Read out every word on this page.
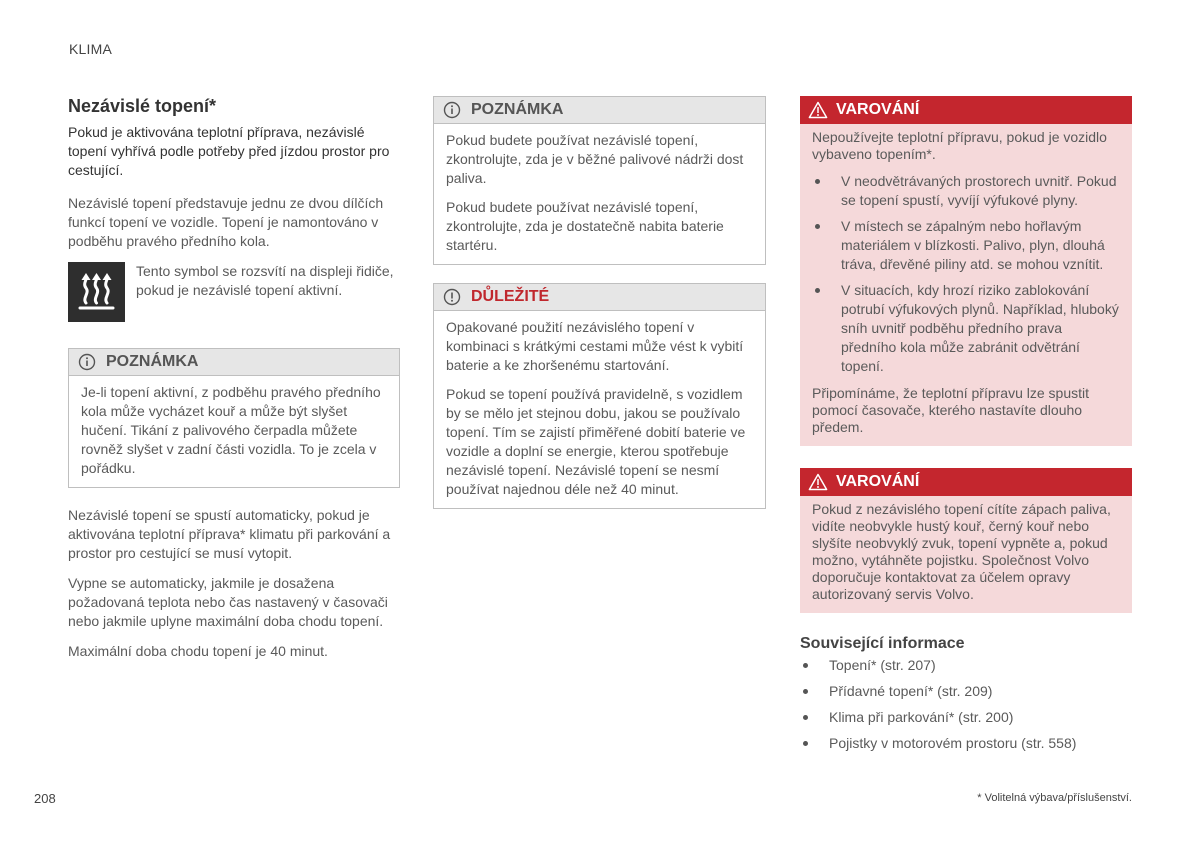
KLIMA
Nezávislé topení*

Pokud je aktivována teplotní příprava, nezávislé topení vyhřívá podle potřeby před jízdou prostor pro cestující.

Nezávislé topení představuje jednu ze dvou dílčích funkcí topení ve vozidle. Topení je namontováno v podběhu pravého předního kola.

Tento symbol se rozsvítí na displeji řidiče, pokud je nezávislé topení aktivní.

POZNÁMKA

Je-li topení aktivní, z podběhu pravého předního kola může vycházet kouř a může být slyšet hučení. Tikání z palivového čerpadla můžete rovněž slyšet v zadní části vozidla. To je zcela v pořádku.

Nezávislé topení se spustí automaticky, pokud je aktivována teplotní příprava* klimatu při parkování a prostor pro cestující se musí vytopit.

Vypne se automaticky, jakmile je dosažena požadovaná teplota nebo čas nastavený v časovači nebo jakmile uplyne maximální doba chodu topení.

Maximální doba chodu topení je 40 minut.

POZNÁMKA

Pokud budete používat nezávislé topení, zkontrolujte, zda je v běžné palivové nádrži dost paliva.

Pokud budete používat nezávislé topení, zkontrolujte, zda je dostatečně nabita baterie startéru.

DŮLEŽITÉ

Opakované použití nezávislého topení v kombinaci s krátkými cestami může vést k vybití baterie a ke zhoršenému startování.

Pokud se topení používá pravidelně, s vozidlem by se mělo jet stejnou dobu, jakou se používalo topení. Tím se zajistí přiměřené dobití baterie ve vozidle a doplní se energie, kterou spotřebuje nezávislé topení. Nezávislé topení se nesmí používat najednou déle než 40 minut.

VAROVÁNÍ

Nepoužívejte teplotní přípravu, pokud je vozidlo vybaveno topením*.

V neodvětrávaných prostorech uvnitř. Pokud se topení spustí, vyvíjí výfukové plyny.
V místech se zápalným nebo hořlavým materiálem v blízkosti. Palivo, plyn, dlouhá tráva, dřevěné piliny atd. se mohou vznítit.
V situacích, kdy hrozí riziko zablokování potrubí výfukových plynů. Například, hluboký sníh uvnitř podběhu předního prava předního kola může zabránit odvětrání topení.

Připomínáme, že teplotní přípravu lze spustit pomocí časovače, kterého nastavíte dlouho předem.

VAROVÁNÍ

Pokud z nezávislého topení cítíte zápach paliva, vidíte neobvykle hustý kouř, černý kouř nebo slyšíte neobvyklý zvuk, topení vypněte a, pokud možno, vytáhněte pojistku. Společnost Volvo doporučuje kontaktovat za účelem opravy autorizovaný servis Volvo.

Související informace
Topení* (str. 207)
Přídavné topení* (str. 209)
Klima při parkování* (str. 200)
Pojistky v motorovém prostoru (str. 558)
208	* Volitelná výbava/příslušenství.
